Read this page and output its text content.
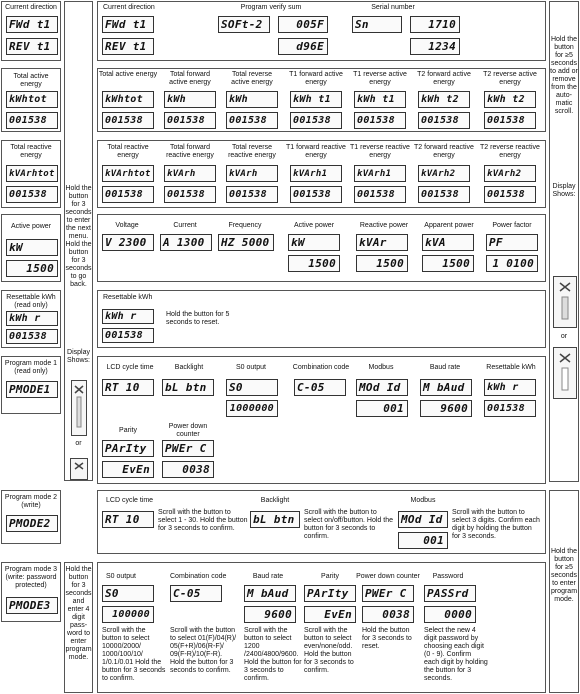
Current direction
FWd t1
REV t1
Total active energy
kWhtot
001538
Total reactive energy
kVArhtot
001538
Active power
kW
1500
Resettable kWh
(read only)
kWh r
001538
Program mode 1
(read only)
PMODE1
Program mode 2
(write)
PMODE2
Program mode 3
(write: password protected)
PMODE3
Hold the button for 3 seconds to enter the next menu. Hold the button for 3 seconds to go back.
Display Shows:
or
Hold the button for 3 seconds and enter 4 digit pass-word to enter program mode.
Hold the button for ≥5 seconds to add or remove from the auto-matic scroll.
Display Shows:
or
Hold the button for ≥5 seconds to enter program mode.
Current direction
FWd t1
REV t1
Program verify sum
SOFt-2	005F
d96E
Serial number
Sn	1710
1234
Total active energy
kWhtot
001538
Total forward active energy
kWh
001538
Total reverse active energy
kWh
001538
T1 forward active energy
kWh t1
001538
T1 reverse active energy
kWh t1
001538
T2 forward active energy
kWh t2
001538
T2 reverse active energy
kWh t2
001538
Total reactive energy
kVArhtot
001538
Total forward reactive energy
kVArh
001538
Total reverse reactive energy
kVArh
001538
T1 forward reactive energy
kVArh1
001538
T1 reverse reactive energy
kVArh1
001538
T2 forward reactive energy
kVArh2
001538
T2 reverse reactive energy
kVArh2
001538
Voltage
V 2300
Current
A 1300
Frequency
HZ 5000
Active power
kW
1500
Reactive power
kVAr
1500
Apparent power
kVA
1500
Power factor
PF
1 0100
Resettable kWh
kWh r
001538
Hold the button for 5 seconds to reset.
LCD cycle time
RT 10
Backlight
bL btn
S0 output
S0
1000000
Combination code
C-05
Modbus
MOd Id
001
Baud rate
M bAud
9600
Resettable kWh
kWh r
001538
Parity
PArIty
EvEn
Power down counter
PWEr C
0038
LCD cycle time
RT 10
Scroll with the button to select 1 - 30. Hold the button for 3 seconds to confirm.
Backlight
bL btn
Scroll with the button to select on/off/button. Hold the button for 3 seconds to confirm.
Modbus
MOd Id
001
Scroll with the button to select 3 digits. Confirm each digit by holding the button for 3 seconds.
S0 output
S0
100000
Scroll with the button to select 10000/2000/ 1000/100/10/ 1/0.1/0.01 Hold the button for 3 seconds to confirm.
Combination code
C-05
Scroll with the button to select 01(F)/04(R)/ 05(F+R)/06(R-F)/ 09(F-R)/10(F-R). Hold the button for 3 seconds to confirm.
Baud rate
M bAud
9600
Scroll with the button to select 1200 /2400/4800/9600. Hold the button for 3 seconds to confirm.
Parity
PArIty
EvEn
Scroll with the button to select even/none/odd. Hold the button for 3 seconds to confirm.
Power down counter
PWEr C
0038
Hold the button for 3 seconds to reset.
Password
PASSrd
0000
Select the new 4 digit password by choosing each digit (0 - 9). Confirm each digit by holding the button for 3 seconds.
